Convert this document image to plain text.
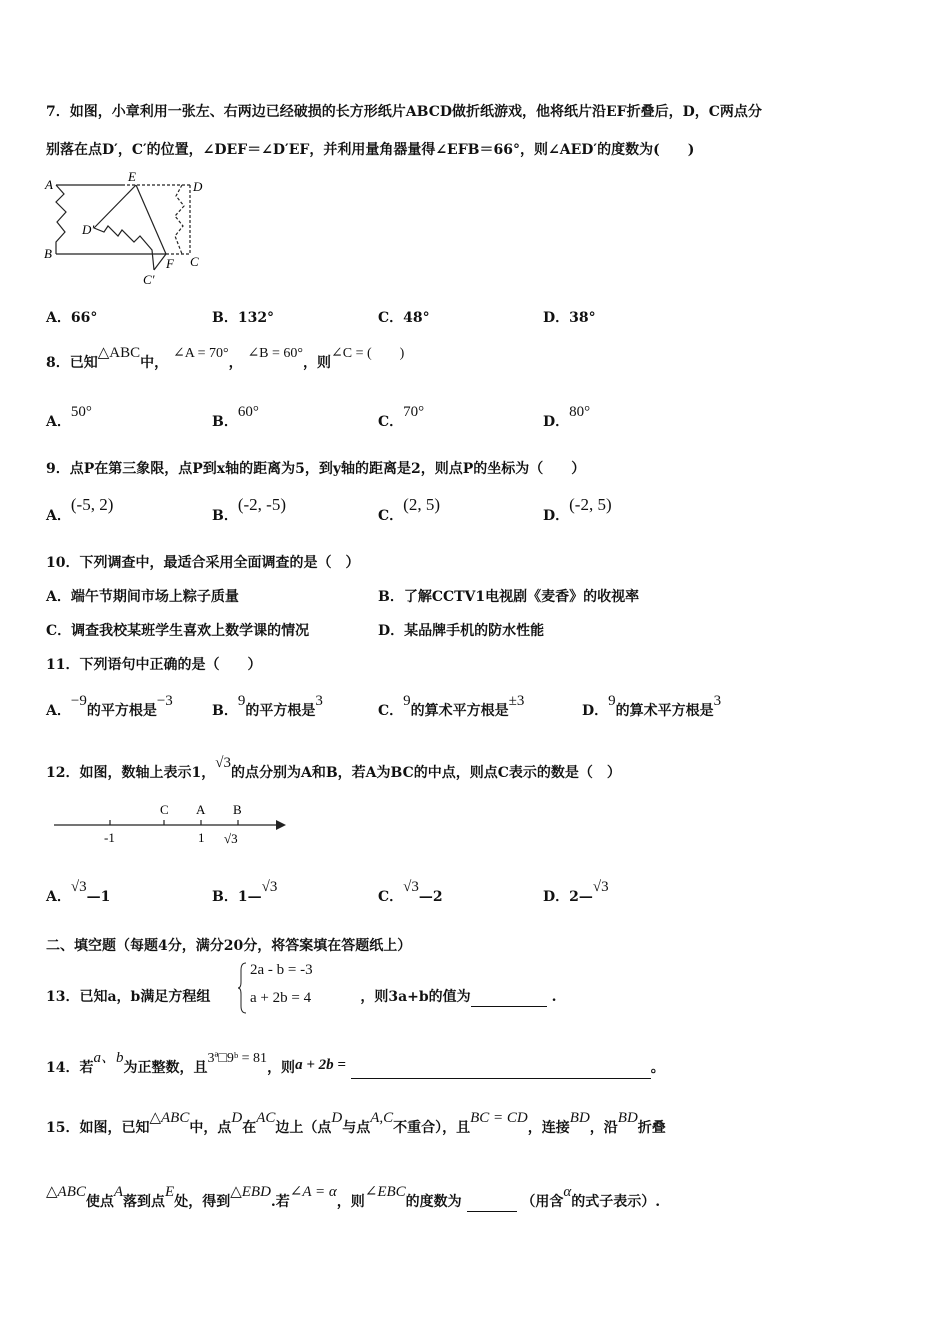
7．如图，小章利用一张左、右两边已经破损的长方形纸片ABCD做折纸游戏，他将纸片沿EF折叠后，D，C两点分
别落在点D′，C′的位置，∠DEF＝∠D′EF，并利用量角器量得∠EFB＝66°，则∠AED′的度数为(　　)
A
E
D
D′
B
F C
C′
A．66°	B．132°	C．48°	D．38°
8．已知△ABC中， ∠A = 70°， ∠B = 60°，则∠C = (　　)
A．50°
B．60°
C．70°
D．80°
9．点P在第三象限，点P到x轴的距离为5，到y轴的距离是2，则点P的坐标为（　　）
A．(-5, 2)
B．(-2, -5)
C．(2, 5)
D．(-2, 5)
10．下列调查中，最适合采用全面调查的是（　）
A．端午节期间市场上粽子质量	B．了解CCTV1电视剧《麦香》的收视率
C．调查我校某班学生喜欢上数学课的情况	D．某品牌手机的防水性能
11．下列语句中正确的是（　　）
A．−9的平方根是−3
B．9的平方根是3
C．9的算术平方根是±3
D．9的算术平方根是3
12．如图，数轴上表示1，√3的点分别为A和B，若A为BC的中点，则点C表示的数是（　）
C A B
-1	1 √3
A．√3—1	B．1—√3
C．√3—2	D．2—√3
二、填空题（每题4分，满分20分，将答案填在答题纸上）
13．已知a，b满足方程组	，则3a+b的值为	.
2a - b = -3
a + 2b = 4
14．若a、b为正整数，且3ª□9ᵇ = 81，则a + 2b =	。
15．如图，已知△ABC中，点D在AC边上（点D与点A,C不重合），且BC = CD，连接BD，沿BD折叠
△ABC使点A落到点E处，得到△EBD.若∠A = α，则∠EBC的度数为	（用含α的式子表示）.
